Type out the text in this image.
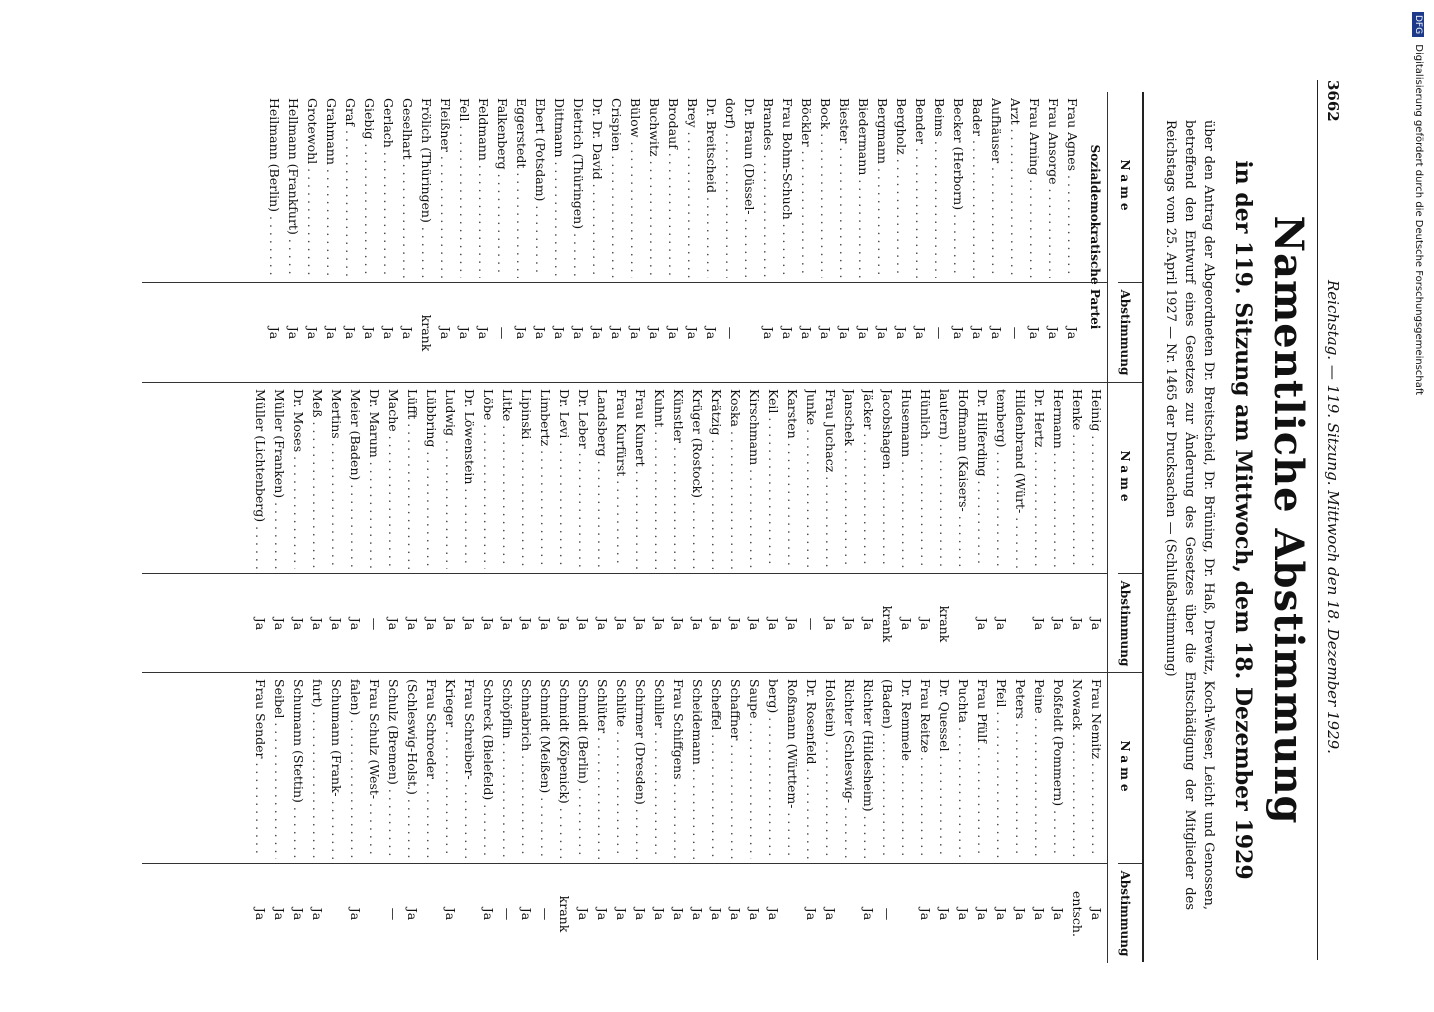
DFG Digitalisierung gefördert durch die Deutsche Forschungsgemeinschaft
3662
Reichstag. — 119. Sitzung. Mittwoch den 18. Dezember 1929.
Namentliche Abstimmung
in der 119. Sitzung am Mittwoch, dem 18. Dezember 1929
über den Antrag der Abgeordneten Dr. Breitscheid, Dr. Brüning, Dr. Haß, Drewitz, Koch-Weser, Leicht und Genossen, betreffend den Entwurf eines Gesetzes zur Änderung des Gesetzes über die Entschädigung der Mitglieder des Reichstags vom 25. April 1927 — Nr. 1465 der Drucksachen — (Schlußabstimmung)
Name
Abstimmung
Sozialdemokratische Partei
Frau Agnes . . .
Ja
Frau Ansorge . . .
Ja
Frau Arning . . .
Ja
Arzt . . .
—
Aufhäuser . . .
Ja
Bader . . .
Ja
Becker (Herborn) . . .
Ja
Beims . . .
—
Bender . . .
Ja
Bergholz . . .
Ja
Bergmann . . .
Ja
Biedermann . . .
Ja
Biester . . .
Ja
Bock . . .
Ja
Böckler . . .
Ja
Frau Bohm-Schuch . . .
Ja
Brandes . . .
Ja
Dr. Braun (Düssel- . . .
dorf) . . .
—
Dr. Breitscheid . . .
Ja
Brey . . .
Ja
Brodauf . . .
Ja
Buchwitz . . .
Ja
Bülow . . .
Ja
Crispien . . .
Ja
Dr. Dr. David . . .
Ja
Dietrich (Thüringen) . . .
Ja
Dittmann . . .
Ja
Ebert (Potsdam) . . .
Ja
Eggerstedt . . .
Ja
Falkenberg . . .
—
Feldmann . . .
Ja
Fell . . .
Ja
Fleißner . . .
Ja
Frölich (Thüringen) . . .
krank
Geselhart . . .
Ja
Gerlach . . .
Ja
Giebig . . .
Ja
Graf . . .
Ja
Grahmann . . .
Ja
Grotewohl . . .
Ja
Hellmann (Frankfurt) . . .
Ja
Heilmann (Berlin) . . .
Ja
Name
Abstimmung
Heinig . . .
Ja
Henke . . .
Ja
Hermann . . .
Ja
Dr. Hertz . . .
Ja
Hildenbrand (Würt- . . .
temberg) . . .
Ja
Dr. Hilferding . . .
Ja
Hoffmann (Kaisers- . . .
lautern) . . .
krank
Hünlich . . .
Ja
Husemann . . .
Ja
Jacobshagen . . .
krank
Jäcker . . .
Ja
Janschek . . .
Ja
Frau Juchacz . . .
Ja
Junke . . .
—
Karsten . . .
Ja
Keil . . .
Ja
Kirschmann . . .
Ja
Koska . . .
Ja
Krätzig . . .
Ja
Krüger (Rostock) . . .
Ja
Künstler . . .
Ja
Kuhnt . . .
Ja
Frau Kunert . . .
Ja
Frau Kurfürst . . .
Ja
Landsberg . . .
Ja
Dr. Leber . . .
Ja
Dr. Levi . . .
Ja
Limbertz . . .
Ja
Lipinski . . .
Ja
Litke . . .
Ja
Löbe . . .
Ja
Dr. Löwenstein . . .
Ja
Ludwig . . .
Ja
Lübbring . . .
Ja
Lüfft . . .
Ja
Mache . . .
Ja
Dr. Marum . . .
—
Meier (Baden) . . .
Ja
Mertins . . .
Ja
Meß . . .
Ja
Dr. Moses . . .
Ja
Müller (Franken) . . .
Ja
Müller (Lichtenberg) . . .
Ja
Name
Abstimmung
Frau Nemitz . . .
Ja
Nowack . . .
entsch.
Poßfeldt (Pommern) . . .
Ja
Peine . . .
Ja
Peters . . .
Ja
Pfeil . . .
Ja
Frau Pfülf . . .
Ja
Puchta . . .
Ja
Dr. Quessel . . .
Ja
Frau Reitze . . .
Ja
Dr. Remmele . . .
(Baden) . . .
—
Richter (Hildesheim) . . .
Ja
Richter (Schleswig- . . .
Holstein) . . .
Ja
Dr. Rosenfeld . . .
Ja
Roßmann (Württem- . . .
berg) . . .
Ja
Saupe . . .
Ja
Schaffner . . .
Ja
Scheffel . . .
Ja
Scheidemann . . .
Ja
Frau Schiffgens . . .
Ja
Schiller . . .
Ja
Schirmer (Dresden) . . .
Ja
Schlüte . . .
Ja
Schlüter . . .
Ja
Schmidt (Berlin) . . .
Ja
Schmidt (Köpenick) . . .
krank
Schmidt (Meißen) . . .
—
Schnabrich . . .
Ja
Schöpflin . . .
—
Schreck (Bielefeld) . . .
Ja
Frau Schreiber- . . .
Krieger . . .
Ja
Frau Schroeder . . .
(Schleswig-Holst.) . . .
Ja
Schulz (Bremen) . . .
—
Frau Schulz (West- . . .
falen) . . .
Ja
Schumann (Frank- . . .
furt) . . .
Ja
Schumann (Stettin) . . .
Ja
Seibel . . .
Ja
Frau Sender . . .
Ja
